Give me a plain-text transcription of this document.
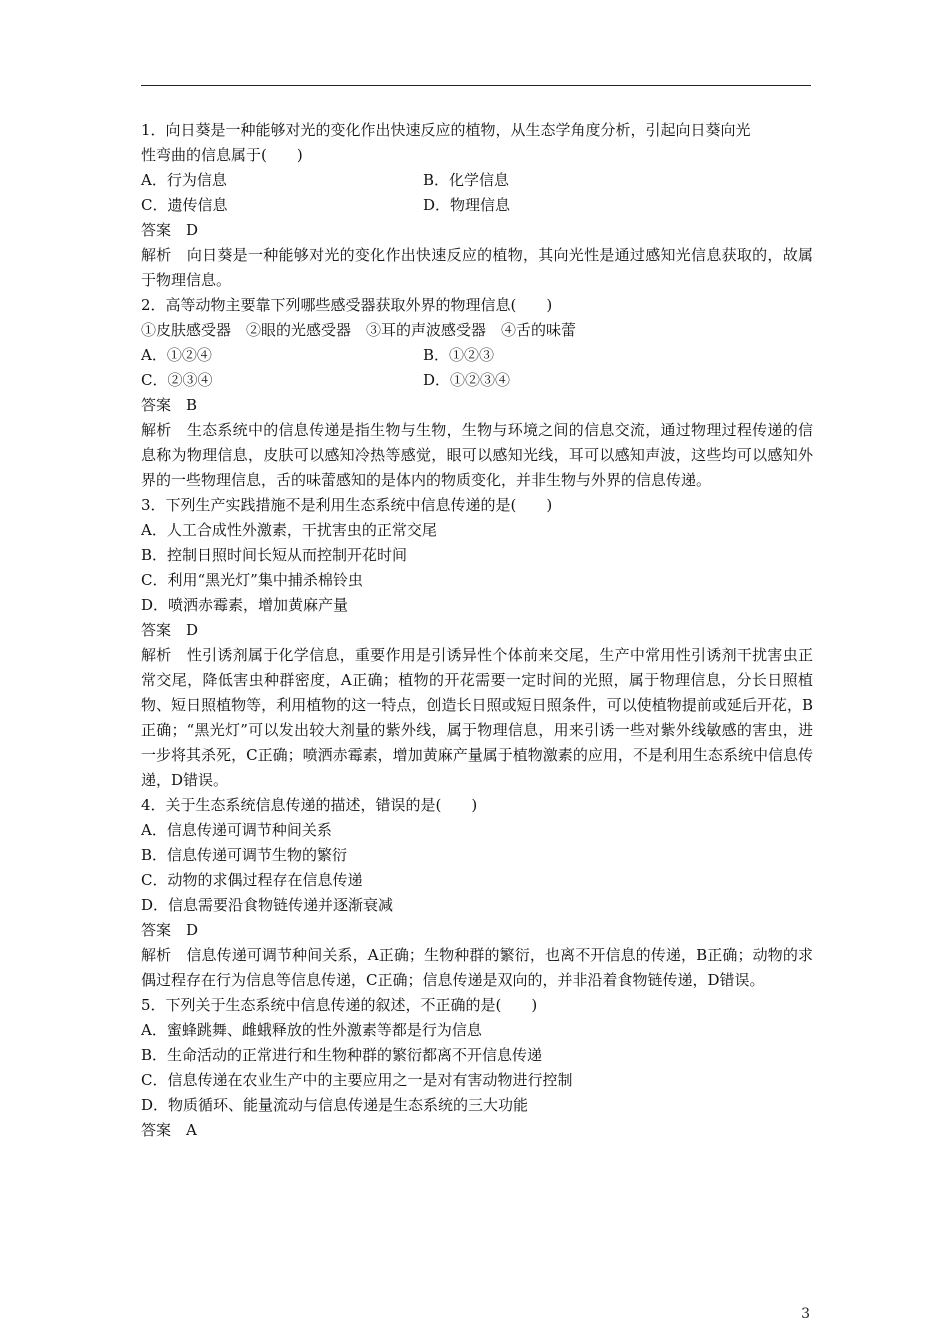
1．向日葵是一种能够对光的变化作出快速反应的植物，从生态学角度分析，引起向日葵向光
性弯曲的信息属于(　　)
A．行为信息	B．化学信息
C．遗传信息	D．物理信息
答案　D
解析　向日葵是一种能够对光的变化作出快速反应的植物，其向光性是通过感知光信息获取的，故属于物理信息。
2．高等动物主要靠下列哪些感受器获取外界的物理信息(　　)
①皮肤感受器　②眼的光感受器　③耳的声波感受器　④舌的味蕾
A．①②④	B．①②③
C．②③④	D．①②③④
答案　B
解析　生态系统中的信息传递是指生物与生物，生物与环境之间的信息交流，通过物理过程传递的信息称为物理信息，皮肤可以感知冷热等感觉，眼可以感知光线，耳可以感知声波，这些均可以感知外界的一些物理信息，舌的味蕾感知的是体内的物质变化，并非生物与外界的信息传递。
3．下列生产实践措施不是利用生态系统中信息传递的是(　　)
A．人工合成性外激素，干扰害虫的正常交尾
B．控制日照时间长短从而控制开花时间
C．利用“黑光灯”集中捕杀棉铃虫
D．喷洒赤霉素，增加黄麻产量
答案　D
解析　性引诱剂属于化学信息，重要作用是引诱异性个体前来交尾，生产中常用性引诱剂干扰害虫正常交尾，降低害虫种群密度，A正确；植物的开花需要一定时间的光照，属于物理信息，分长日照植物、短日照植物等，利用植物的这一特点，创造长日照或短日照条件，可以使植物提前或延后开花，B正确；“黑光灯”可以发出较大剂量的紫外线，属于物理信息，用来引诱一些对紫外线敏感的害虫，进一步将其杀死，C正确；喷洒赤霉素，增加黄麻产量属于植物激素的应用，不是利用生态系统中信息传递，D错误。
4．关于生态系统信息传递的描述，错误的是(　　)
A．信息传递可调节种间关系
B．信息传递可调节生物的繁衍
C．动物的求偶过程存在信息传递
D．信息需要沿食物链传递并逐渐衰减
答案　D
解析　信息传递可调节种间关系，A正确；生物种群的繁衍，也离不开信息的传递，B正确；动物的求偶过程存在行为信息等信息传递，C正确；信息传递是双向的，并非沿着食物链传递，D错误。
5．下列关于生态系统中信息传递的叙述，不正确的是(　　)
A．蜜蜂跳舞、雌蛾释放的性外激素等都是行为信息
B．生命活动的正常进行和生物种群的繁衍都离不开信息传递
C．信息传递在农业生产中的主要应用之一是对有害动物进行控制
D．物质循环、能量流动与信息传递是生态系统的三大功能
答案　A
3
